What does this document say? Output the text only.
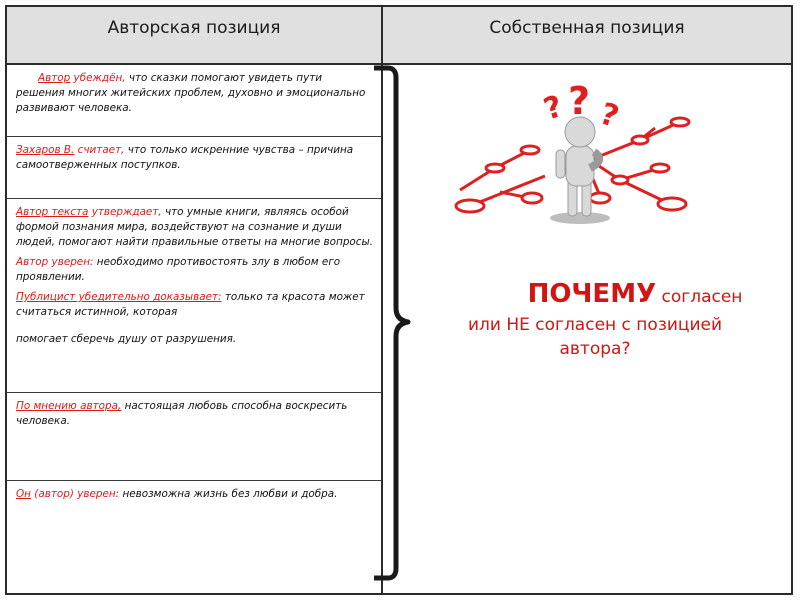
Авторская позиция	Собственная позиция

Автор убеждён, что сказки помогают увидеть пути решения многих житейских проблем, духовно и эмоционально развивают человека.

Захаров В. считает, что только искренние чувства – причина самоотверженных поступков.

Автор текста утверждает, что умные книги, являясь особой формой познания мира, воздействуют на сознание и души людей, помогают найти правильные ответы на многие вопросы.

Автор уверен: необходимо противостоять злу в любом его проявлении.

Публицист убедительно доказывает: только та красота может считаться истинной, которая

помогает сберечь душу от разрушения.

По мнению автора, настоящая любовь способна воскресить человека.

Он (автор) уверен: невозможна жизнь без любви и добра.

? ? ?
ПОЧЕМУ согласен
или НЕ согласен с позицией
автора?
